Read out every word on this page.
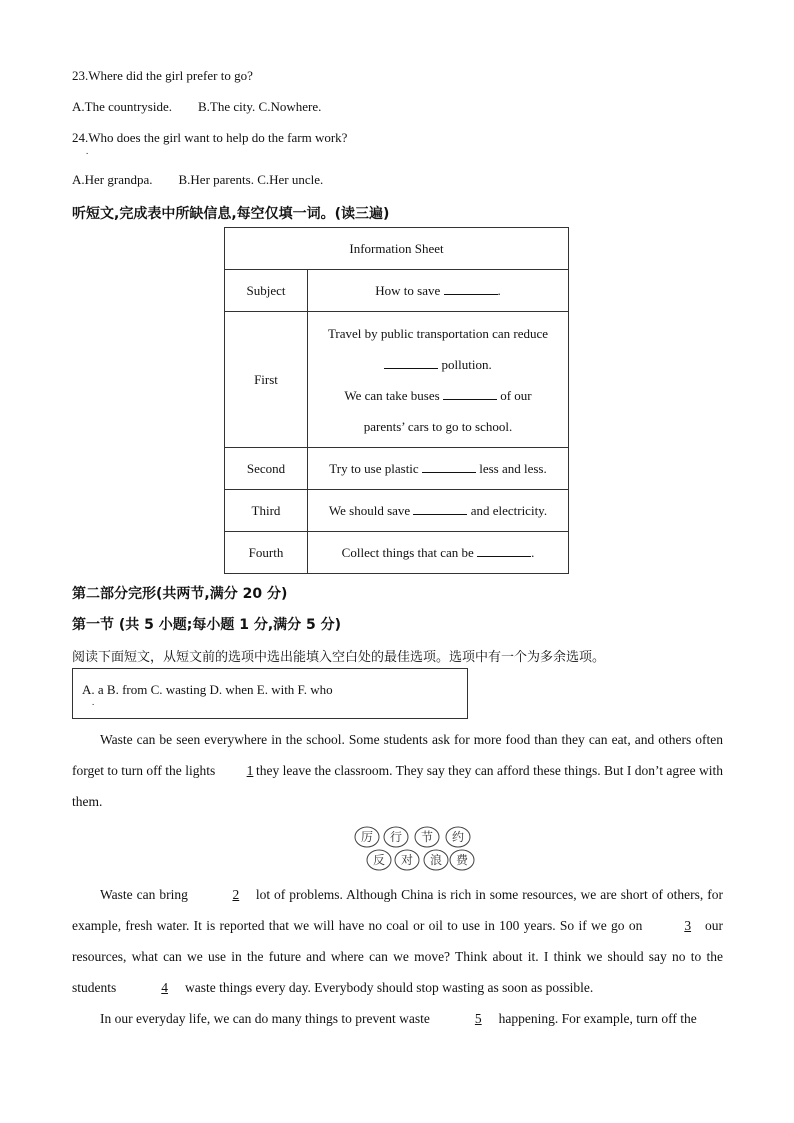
23.Where did the girl prefer to go?
A.The countryside. B.The city. C.Nowhere.
24.Who does the girl want to help do the farm work?
.
A.Her grandpa. B.Her parents. C.Her uncle.
听短文,完成表中所缺信息,每空仅填一词。(读三遍)
Information Sheet	
Subject	How to save .
First	Travel by public transportation can reduce
pollution.
We can take buses of our
parents’ cars to go to school.

Second	Try to use plastic less and less.
Third	We should save and electricity.
Fourth	Collect things that can be .
第二部分完形(共两节,满分 20 分)
第一节 (共 5 小题;每小题 1 分,满分 5 分)
阅读下面短文，从短文前的选项中选出能填入空白处的最佳选项。选项中有一个为多余选项。
A. a B. from C. wasting D. when E. with F. who
.
Waste can be seen everywhere in the school. Some students ask for more food than they can eat, and others often forget to turn off the lights 1 they leave the classroom. They say they can afford these things. But I don’t agree with them.
厉 行 节 约
反 对 浪 费
Waste can bring	2 lot of problems. Although China is rich in some resources, we are short of others, for example, fresh water. It is reported that we will have no coal or oil to use in 100 years. So if we go on	3 our resources, what can we use in the future and where can we move? Think about it. I think we should say no to the students	4 waste things every day. Everybody should stop wasting as soon as possible.
In our everyday life, we can do many things to prevent waste	5 happening. For example, turn off the
